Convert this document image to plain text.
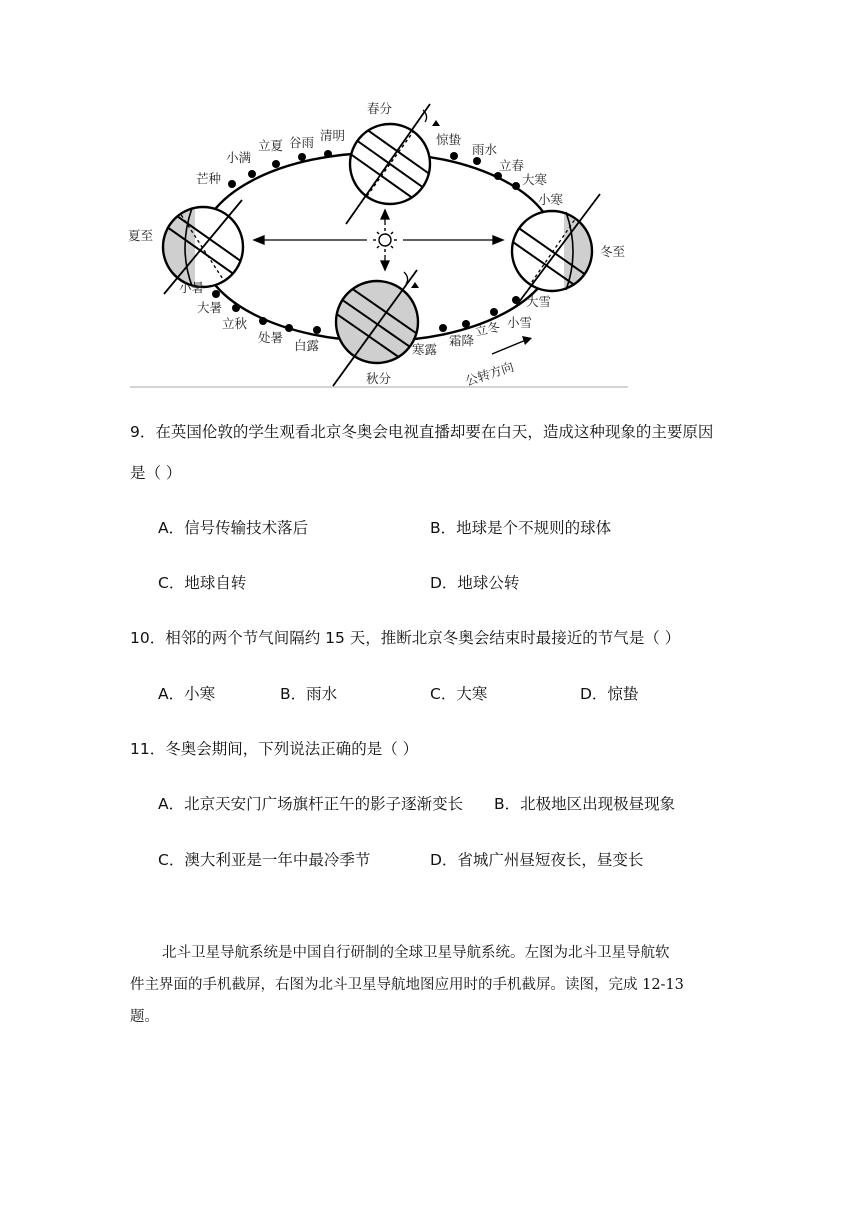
春分
夏至
秋分
冬至
小满
立夏 谷雨 清明
芒种
惊蛰
雨水
立春
大寒
小寒
小暑
大暑
立秋
处暑
白露	寒露
霜降
立冬 小雪
大雪
公转方向
9．在英国伦敦的学生观看北京冬奥会电视直播却要在白天，造成这种现象的主要原因
是（ ）
A．信号传输技术落后	B．地球是个不规则的球体
C．地球自转	D．地球公转
10．相邻的两个节气间隔约 15 天，推断北京冬奥会结束时最接近的节气是（ ）
A．小寒	B．雨水	C．大寒	D．惊蛰
11．冬奥会期间，下列说法正确的是（ ）
A．北京天安门广场旗杆正午的影子逐渐变长 B．北极地区出现极昼现象
C．澳大利亚是一年中最冷季节	D．省城广州昼短夜长，昼变长
北斗卫星导航系统是中国自行研制的全球卫星导航系统。左图为北斗卫星导航软
件主界面的手机截屏，右图为北斗卫星导航地图应用时的手机截屏。读图，完成 12-13
题。
